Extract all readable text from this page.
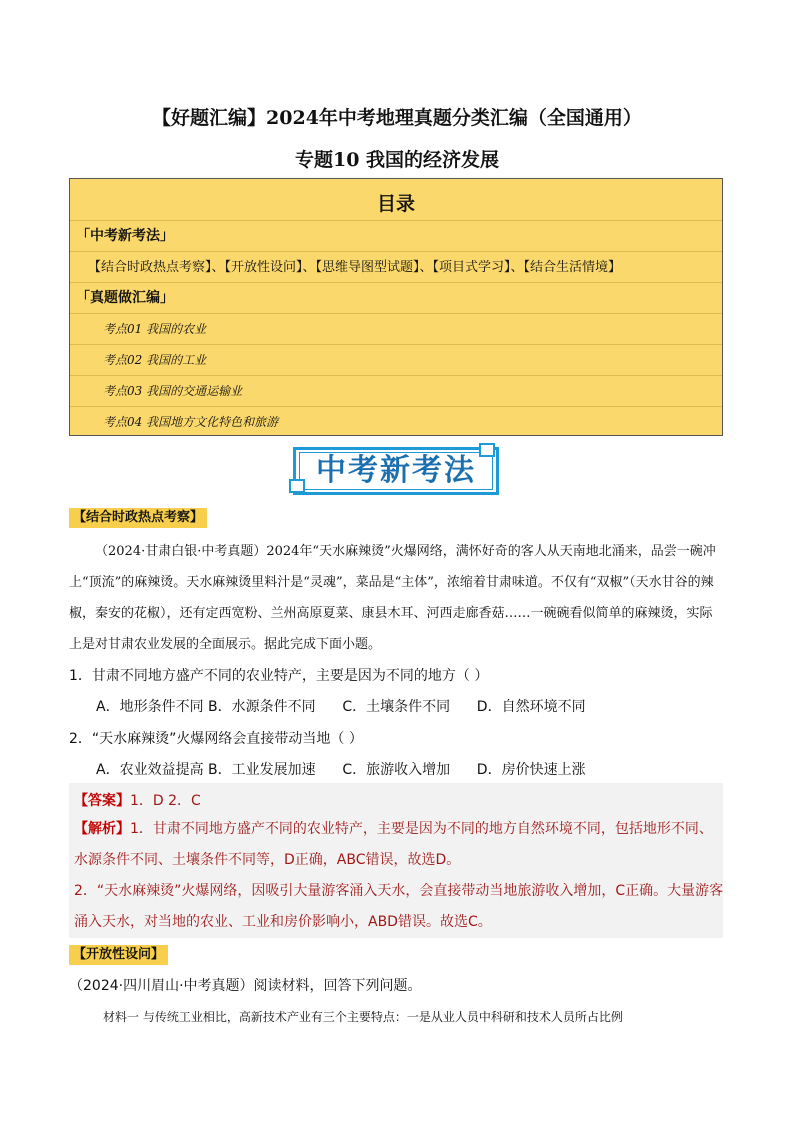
【好题汇编】2024年中考地理真题分类汇编（全国通用）
专题10 我国的经济发展
目录
「中考新考法」
【结合时政热点考察】、【开放性设问】、【思维导图型试题】、【项目式学习】、【结合生活情境】
「真题做汇编」
考点01 我国的农业
考点02 我国的工业
考点03 我国的交通运输业
考点04 我国地方文化特色和旅游
中考新考法
【结合时政热点考察】
（2024·甘肃白银·中考真题）2024年“天水麻辣烫”火爆网络，满怀好奇的客人从天南地北涌来，品尝一碗冲上“顶流”的麻辣烫。天水麻辣烫里料汁是“灵魂”，菜品是“主体”，浓缩着甘肃味道。不仅有“双椒”（天水甘谷的辣椒，秦安的花椒），还有定西宽粉、兰州高原夏菜、康县木耳、河西走廊香菇……一碗碗看似简单的麻辣烫，实际上是对甘肃农业发展的全面展示。据此完成下面小题。
1．甘肃不同地方盛产不同的农业特产，主要是因为不同的地方（ ）
A．地形条件不同 B．水源条件不同      C．土壤条件不同      D．自然环境不同
2．“天水麻辣烫”火爆网络会直接带动当地（ ）
A．农业效益提高 B．工业发展加速      C．旅游收入增加      D．房价快速上涨
【答案】1．D 2．C
【解析】1．甘肃不同地方盛产不同的农业特产，主要是因为不同的地方自然环境不同，包括地形不同、水源条件不同、土壤条件不同等，D正确，ABC错误，故选D。
2．“天水麻辣烫”火爆网络，因吸引大量游客涌入天水，会直接带动当地旅游收入增加，C正确。大量游客涌入天水，对当地的农业、工业和房价影响小，ABD错误。故选C。
【开放性设问】
（2024·四川眉山·中考真题）阅读材料，回答下列问题。
材料一 与传统工业相比，高新技术产业有三个主要特点：一是从业人员中科研和技术人员所占比例
